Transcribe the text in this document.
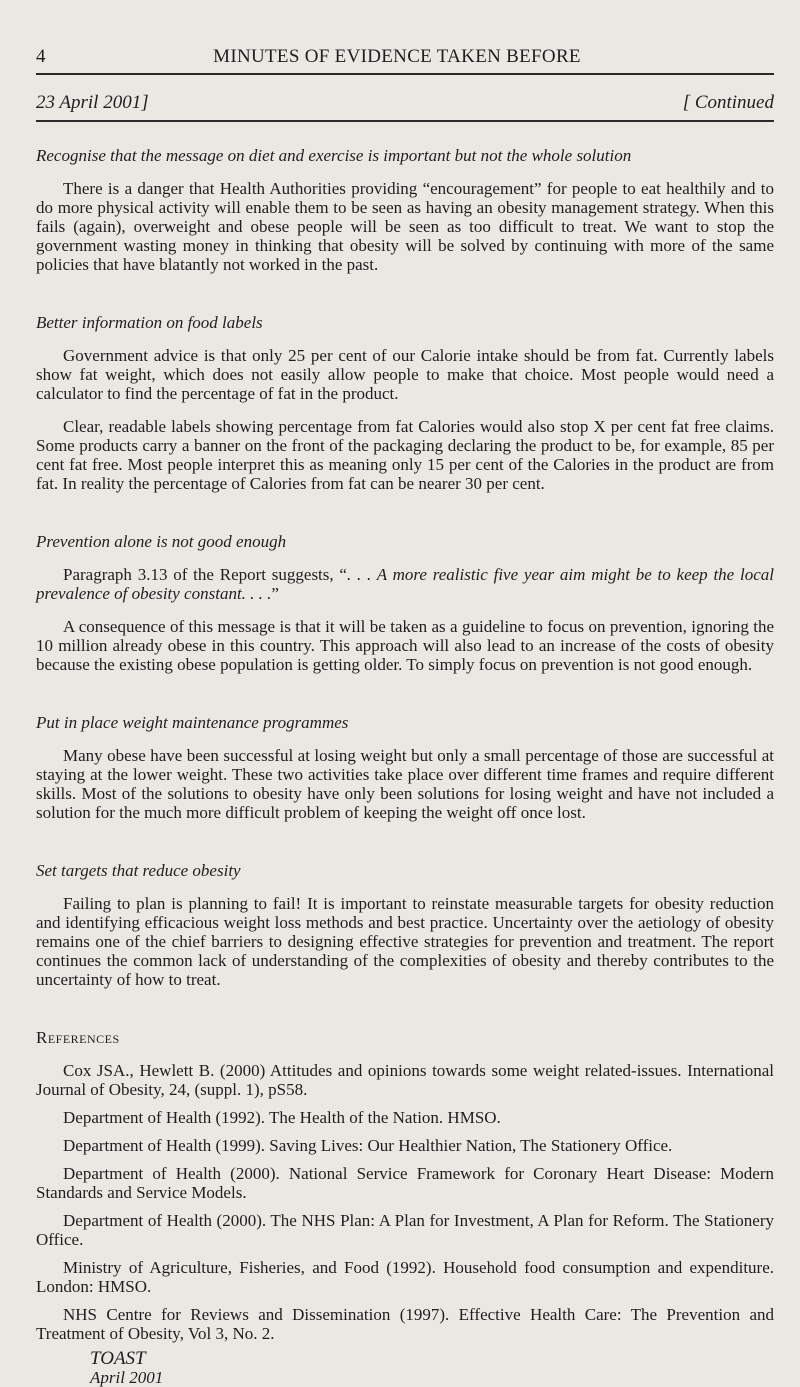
4	MINUTES OF EVIDENCE TAKEN BEFORE
23 April 2001]	[ Continued

Recognise that the message on diet and exercise is important but not the whole solution

There is a danger that Health Authorities providing “encouragement” for people to eat healthily and to do more physical activity will enable them to be seen as having an obesity management strategy. When this fails (again), overweight and obese people will be seen as too difficult to treat. We want to stop the government wasting money in thinking that obesity will be solved by continuing with more of the same policies that have blatantly not worked in the past.

Better information on food labels

Government advice is that only 25 per cent of our Calorie intake should be from fat. Currently labels show fat weight, which does not easily allow people to make that choice. Most people would need a calculator to find the percentage of fat in the product.

Clear, readable labels showing percentage from fat Calories would also stop X per cent fat free claims. Some products carry a banner on the front of the packaging declaring the product to be, for example, 85 per cent fat free. Most people interpret this as meaning only 15 per cent of the Calories in the product are from fat. In reality the percentage of Calories from fat can be nearer 30 per cent.

Prevention alone is not good enough

Paragraph 3.13 of the Report suggests, “. . . A more realistic five year aim might be to keep the local prevalence of obesity constant. . . .”

A consequence of this message is that it will be taken as a guideline to focus on prevention, ignoring the 10 million already obese in this country. This approach will also lead to an increase of the costs of obesity because the existing obese population is getting older. To simply focus on prevention is not good enough.

Put in place weight maintenance programmes

Many obese have been successful at losing weight but only a small percentage of those are successful at staying at the lower weight. These two activities take place over different time frames and require different skills. Most of the solutions to obesity have only been solutions for losing weight and have not included a solution for the much more difficult problem of keeping the weight off once lost.

Set targets that reduce obesity

Failing to plan is planning to fail! It is important to reinstate measurable targets for obesity reduction and identifying efficacious weight loss methods and best practice. Uncertainty over the aetiology of obesity remains one of the chief barriers to designing effective strategies for prevention and treatment. The report continues the common lack of understanding of the complexities of obesity and thereby contributes to the uncertainty of how to treat.

References

Cox JSA., Hewlett B. (2000) Attitudes and opinions towards some weight related-issues. International Journal of Obesity, 24, (suppl. 1), pS58.

Department of Health (1992). The Health of the Nation. HMSO.

Department of Health (1999). Saving Lives: Our Healthier Nation, The Stationery Office.

Department of Health (2000). National Service Framework for Coronary Heart Disease: Modern Standards and Service Models.

Department of Health (2000). The NHS Plan: A Plan for Investment, A Plan for Reform. The Stationery Office.

Ministry of Agriculture, Fisheries, and Food (1992). Household food consumption and expenditure. London: HMSO.

NHS Centre for Reviews and Dissemination (1997). Effective Health Care: The Prevention and Treatment of Obesity, Vol 3, No. 2.

TOAST

April 2001
